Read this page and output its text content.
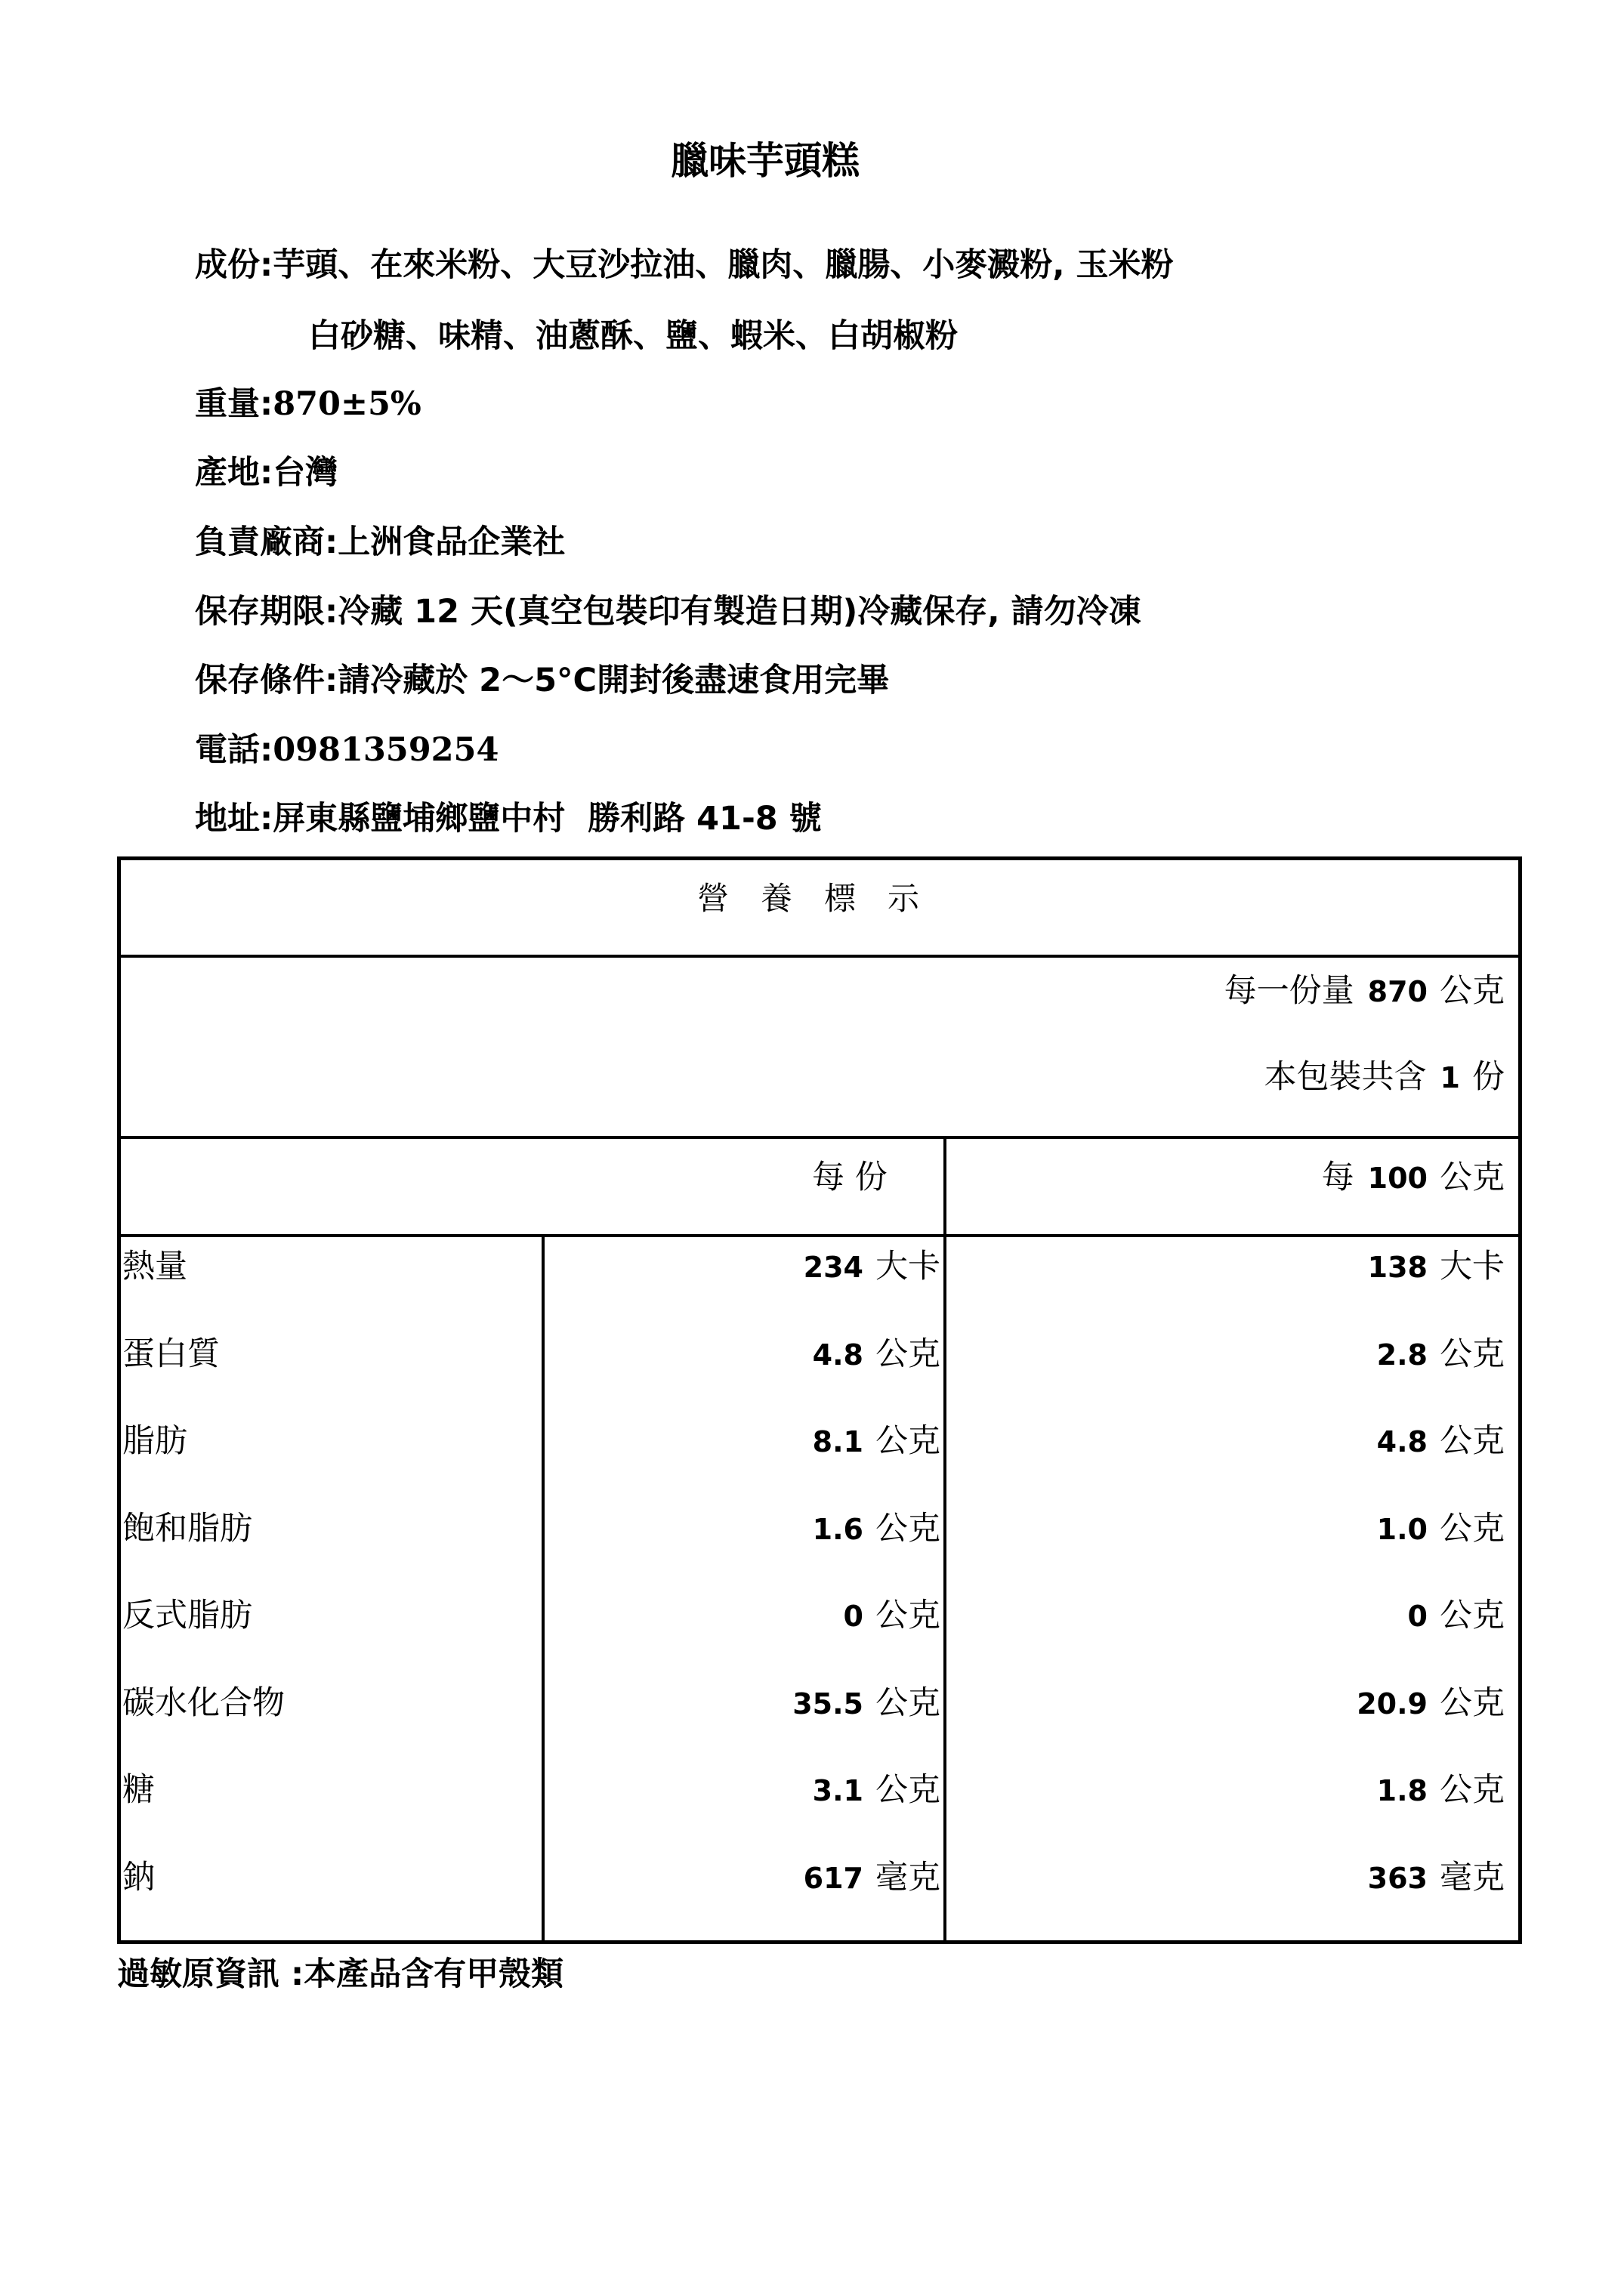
臘味芋頭糕
成份:芋頭、在來米粉、大豆沙拉油、臘肉、臘腸、小麥澱粉, 玉米粉
白砂糖、味精、油蔥酥、鹽、蝦米、白胡椒粉
重量:870±5%
產地:台灣
負責廠商:上洲食品企業社
保存期限:冷藏 12 天(真空包裝印有製造日期)冷藏保存, 請勿冷凍
保存條件:請冷藏於 2～5°C開封後盡速食用完畢
電話:0981359254
地址:屏東縣鹽埔鄉鹽中村  勝利路 41-8 號
營　養　標　示
每一份量 870 公克
本包裝共含 1 份
每 份	每 100 公克
熱量	234 大卡	138 大卡
蛋白質	4.8 公克	2.8 公克
脂肪	8.1 公克	4.8 公克
飽和脂肪	1.6 公克	1.0 公克
反式脂肪	0 公克	0 公克
碳水化合物	35.5 公克	20.9 公克
糖	3.1 公克	1.8 公克
鈉	617 毫克	363 毫克
過敏原資訊 :本產品含有甲殼類
